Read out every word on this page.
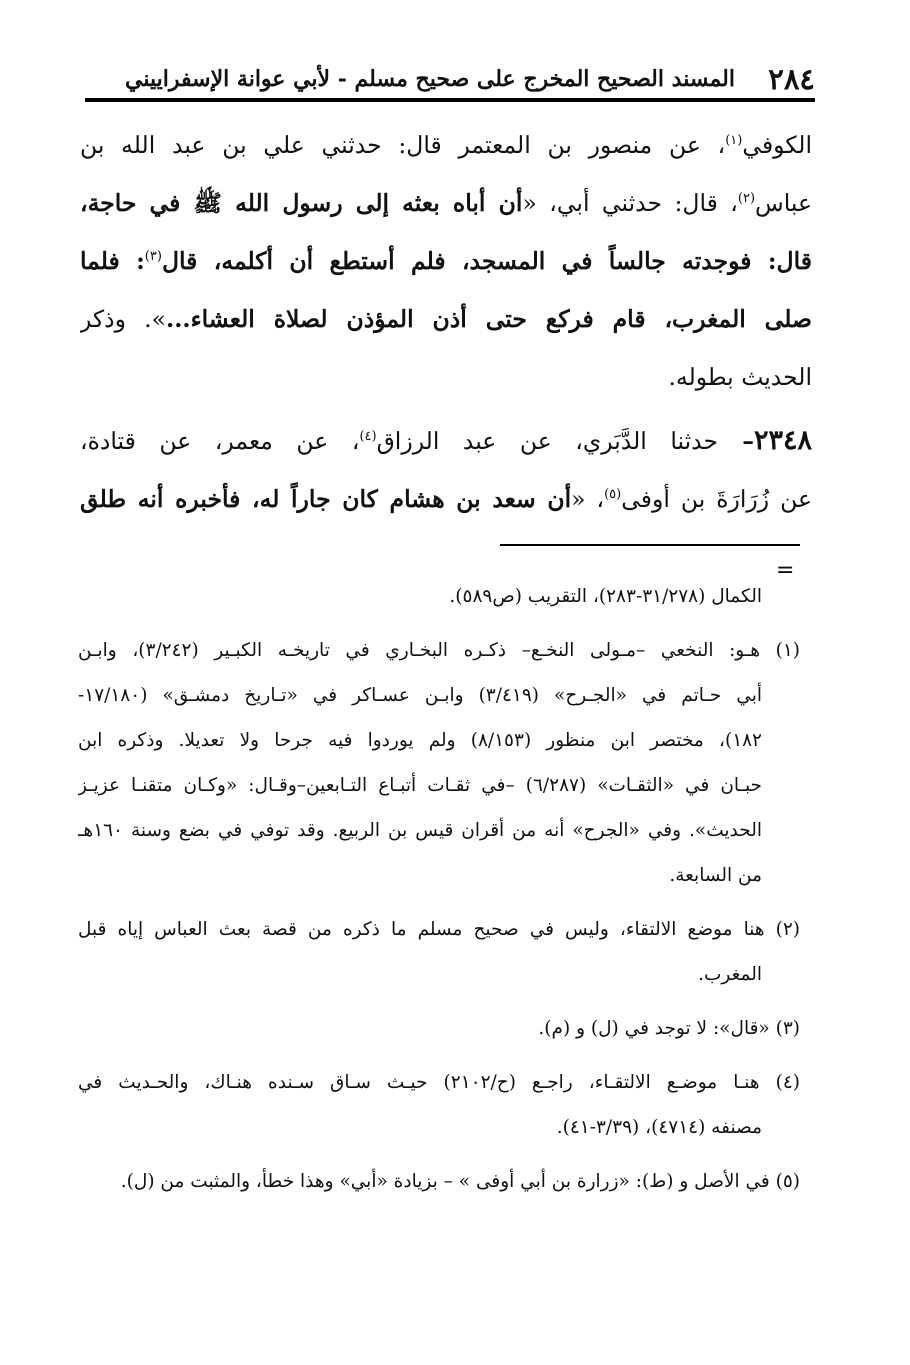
٢٨٤
المسند الصحيح المخرج على صحيح مسلم - لأبي عوانة الإسفراييني
الكوفي$^{(١)}$، عن منصور بن المعتمر قال: حدثني علي بن عبد الله بن
عباس$^{(٢)}$، قال: حدثني أبي، «أن أباه بعثه إلى رسول الله ﷺ في حاجة،
قال: فوجدته جالساً في المسجد، فلم أستطع أن أكلمه، قال$^{(٣)}$: فلما
صلى المغرب، قام فركع حتى أذن المؤذن لصلاة العشاء...». وذكر
الحديث بطوله.
٢٣٤٨– حدثنا الدَّبَري، عن عبد الرزاق$^{(٤)}$، عن معمر، عن قتادة،
عن زُرَارَةَ بن أوفى$^{(٥)}$، «أن سعد بن هشام كان جاراً له، فأخبره أنه طلق
=
الكمال (٣١/٢٧٨-٢٨٣)، التقريب (ص٥٨٩).
(١) هـو: النخعي –مـولى النخـع– ذكـره البخـاري في تاريخـه الكبـير (٣/٢٤٢)، وابـن
أبي حـاتم في «الجـرح» (٣/٤١٩) وابـن عسـاكر في «تـاريخ دمشـق» (١٧/١٨٠-
١٨٢)، مختصر ابن منظور (٨/١٥٣) ولم يوردوا فيه جرحا ولا تعديلا. وذكره ابن
حبـان في «الثقـات» (٦/٢٨٧) –في ثقـات أتبـاع التـابعين–وقـال: «وكـان متقنـا عزيـز
الحديث». وفي «الجرح» أنه من أقران قيس بن الربيع. وقد توفي في بضع وسنة ١٦٠هـ
من السابعة.
(٢) هنا موضع الالتقاء، وليس في صحيح مسلم ما ذكره من قصة بعث العباس إياه قبل
المغرب.
(٣) «قال»: لا توجد في (ل) و (م).
(٤) هنـا موضـع الالتقـاء، راجـع (ح/٢١٠٢) حيـث سـاق سـنده هنـاك، والحـديث في
مصنفه (٤٧١٤)، (٣/٣٩-٤١).
(٥) في الأصل و (ط): «زرارة بن أبي أوفى » – بزيادة «أبي» وهذا خطأ، والمثبت من (ل).
